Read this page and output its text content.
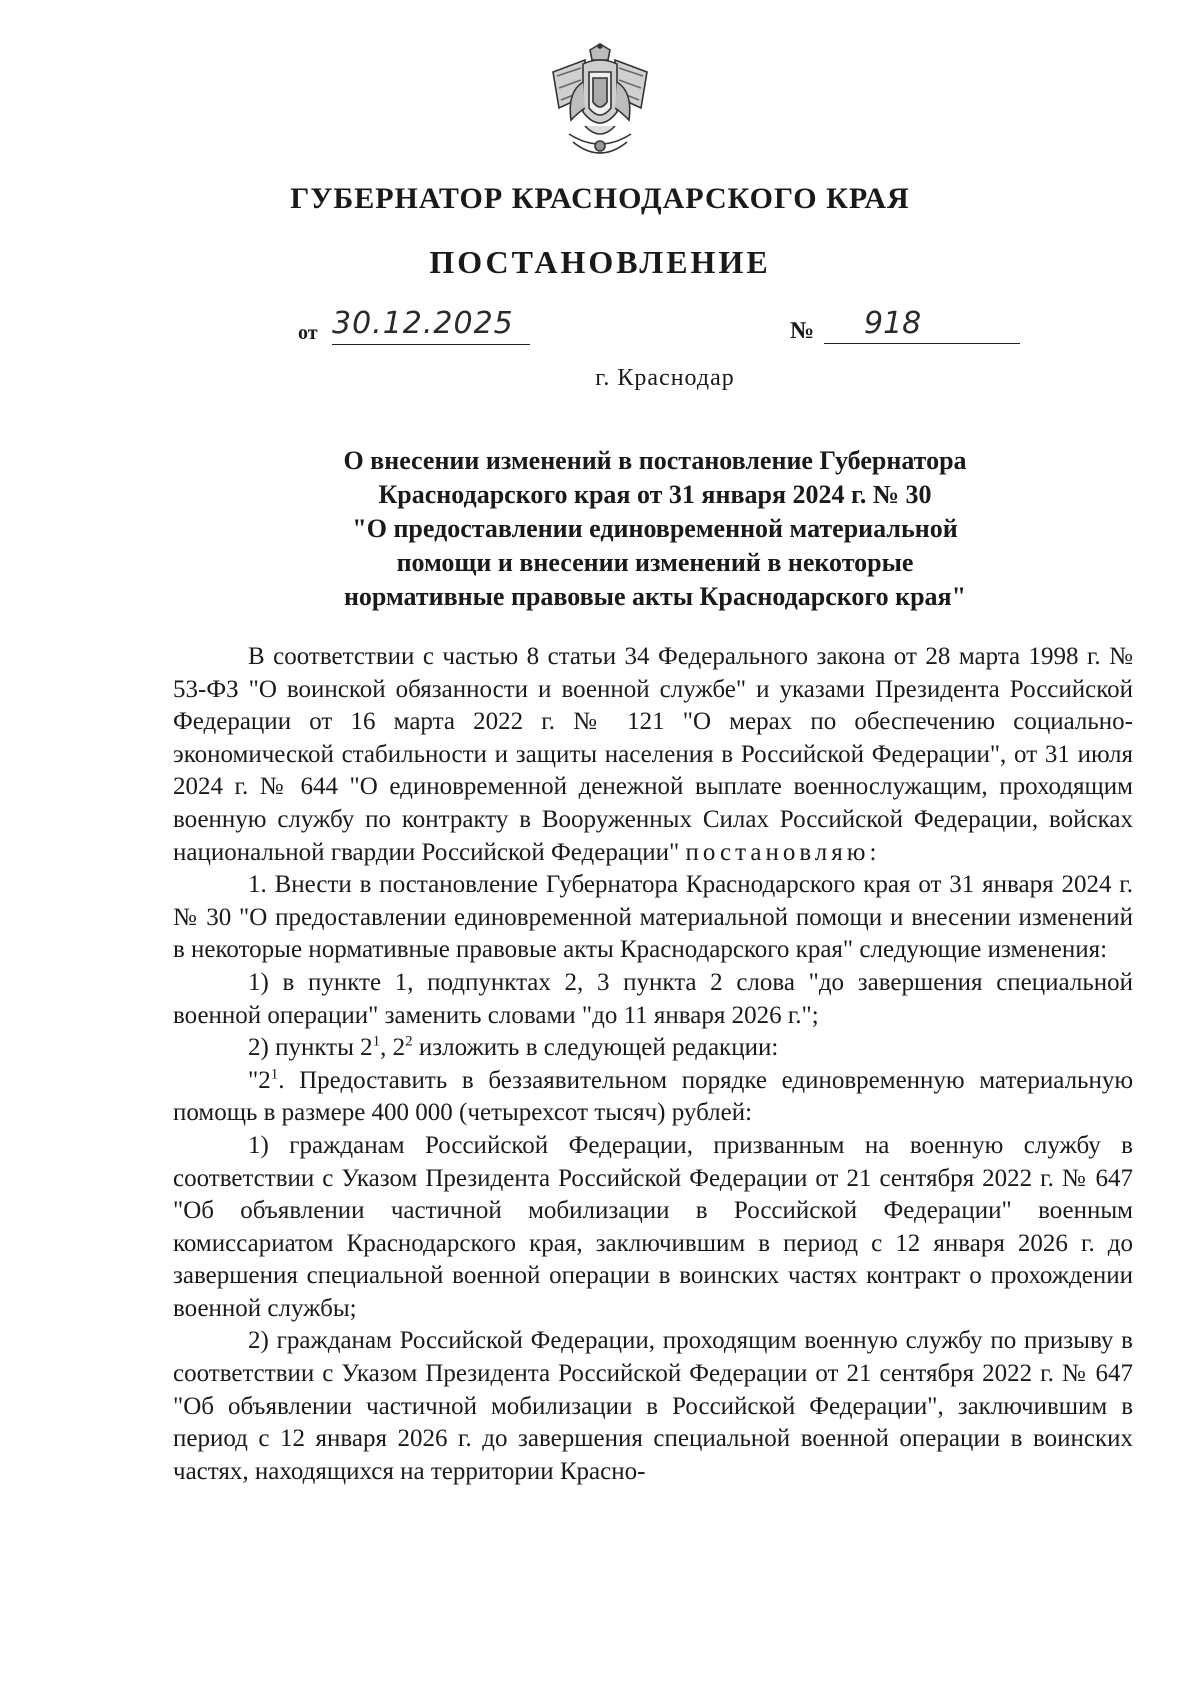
ГУБЕРНАТОР КРАСНОДАРСКОГО КРАЯ
ПОСТАНОВЛЕНИЕ
от 30.12.2025	№	918
г. Краснодар
О внесении изменений в постановление Губернатора
Краснодарского края от 31 января 2024 г. № 30
"О предоставлении единовременной материальной
помощи и внесении изменений в некоторые
нормативные правовые акты Краснодарского края"

В соответствии с частью 8 статьи 34 Федерального закона от 28 марта 1998 г. № 53-ФЗ "О воинской обязанности и военной службе" и указами Президента Российской Федерации от 16 марта 2022 г. № 121 "О мерах по обеспечению социально-экономической стабильности и защиты населения в Российской Федерации", от 31 июля 2024 г. № 644 "О единовременной денежной выплате военнослужащим, проходящим военную службу по контракту в Вооруженных Силах Российской Федерации, войсках национальной гвардии Российской Федерации" постановляю:

1. Внести в постановление Губернатора Краснодарского края от 31 января 2024 г. № 30 "О предоставлении единовременной материальной помощи и внесении изменений в некоторые нормативные правовые акты Краснодарского края" следующие изменения:

1) в пункте 1, подпунктах 2, 3 пункта 2 слова "до завершения специальной военной операции" заменить словами "до 11 января 2026 г.";

2) пункты $2^1$, $2^2$ изложить в следующей редакции:

"$2^1$. Предоставить в беззаявительном порядке единовременную материальную помощь в размере 400 000 (четырехсот тысяч) рублей:

1) гражданам Российской Федерации, призванным на военную службу в соответствии с Указом Президента Российской Федерации от 21 сентября 2022 г. № 647 "Об объявлении частичной мобилизации в Российской Федерации" военным комиссариатом Краснодарского края, заключившим в период с 12 января 2026 г. до завершения специальной военной операции в воинских частях контракт о прохождении военной службы;

2) гражданам Российской Федерации, проходящим военную службу по призыву в соответствии с Указом Президента Российской Федерации от 21 сентября 2022 г. № 647 "Об объявлении частичной мобилизации в Российской Федерации", заключившим в период с 12 января 2026 г. до завершения специальной военной операции в воинских частях, находящихся на территории Красно-
